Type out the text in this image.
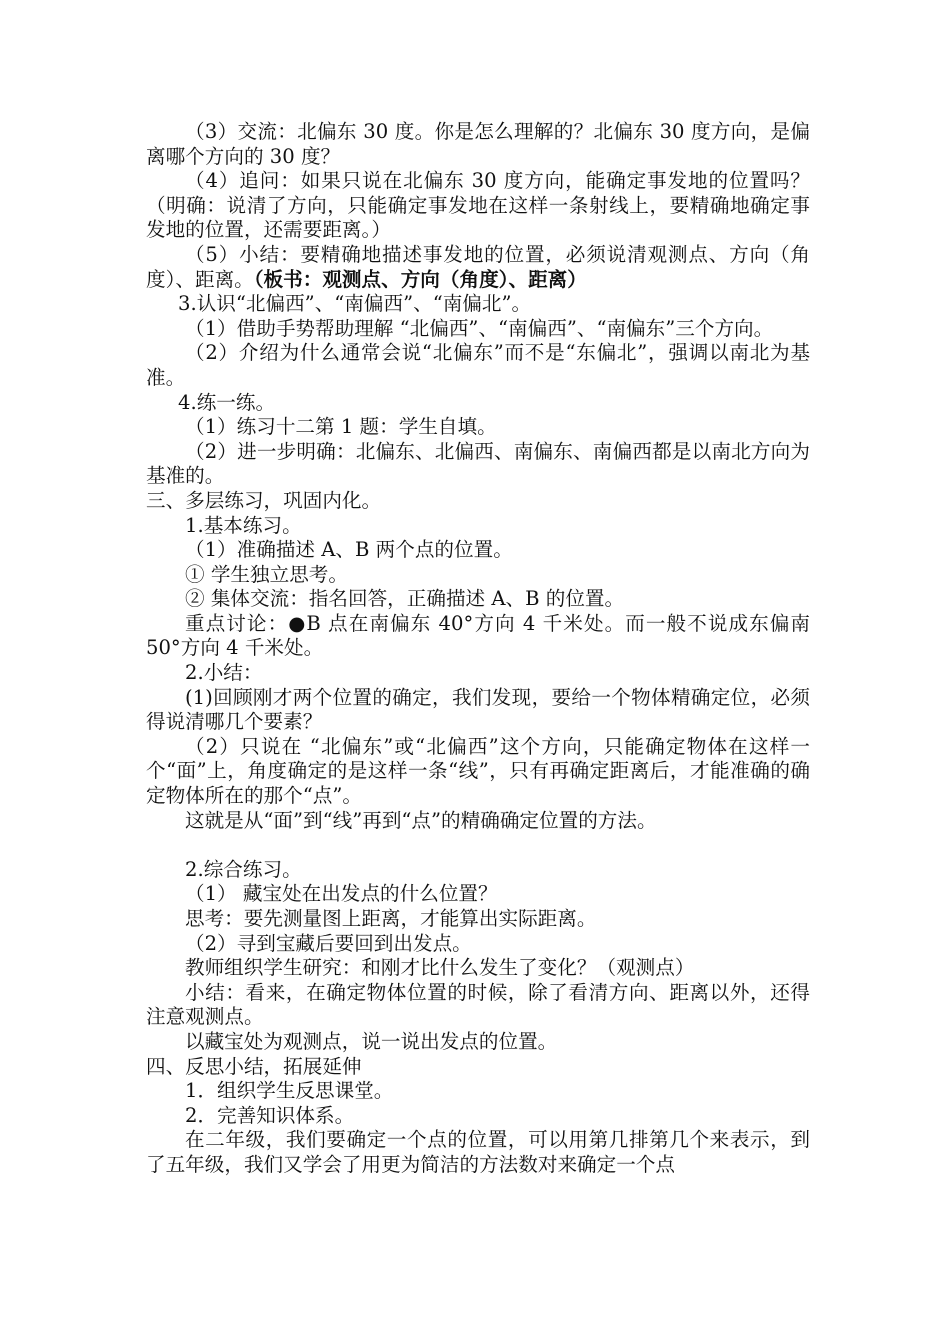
（3）交流：北偏东 30 度。你是怎么理解的？北偏东 30 度方向，是偏离哪个方向的 30 度？

（4）追问：如果只说在北偏东 30 度方向，能确定事发地的位置吗？（明确：说清了方向，只能确定事发地在这样一条射线上，要精确地确定事发地的位置，还需要距离。）

（5）小结：要精确地描述事发地的位置，必须说清观测点、方向（角度）、距离。（板书：观测点、方向（角度）、距离）

3.认识“北偏西”、“南偏西”、“南偏北”。

（1）借助手势帮助理解 “北偏西”、“南偏西”、“南偏东”三个方向。

（2）介绍为什么通常会说“北偏东”而不是“东偏北”，强调以南北为基准。

4.练一练。

（1）练习十二第 1 题：学生自填。

（2）进一步明确：北偏东、北偏西、南偏东、南偏西都是以南北方向为基准的。

三、多层练习，巩固内化。

1.基本练习。

（1）准确描述 A、B 两个点的位置。

① 学生独立思考。

② 集体交流：指名回答，正确描述 A、B 的位置。

重点讨论：●B 点在南偏东 40°方向 4 千米处。而一般不说成东偏南 50°方向 4 千米处。

2.小结：

(1)回顾刚才两个位置的确定，我们发现，要给一个物体精确定位，必须得说清哪几个要素？

（2）只说在 “北偏东”或“北偏西”这个方向，只能确定物体在这样一个“面”上，角度确定的是这样一条“线”，只有再确定距离后，才能准确的确定物体所在的那个“点”。

这就是从“面”到“线”再到“点”的精确确定位置的方法。

2.综合练习。

（1） 藏宝处在出发点的什么位置？

思考：要先测量图上距离，才能算出实际距离。

（2）寻到宝藏后要回到出发点。

教师组织学生研究：和刚才比什么发生了变化？（观测点）

小结：看来，在确定物体位置的时候，除了看清方向、距离以外，还得注意观测点。

以藏宝处为观测点，说一说出发点的位置。

四、反思小结，拓展延伸

1．组织学生反思课堂。

2．完善知识体系。

在二年级，我们要确定一个点的位置，可以用第几排第几个来表示，到了五年级，我们又学会了用更为简洁的方法数对来确定一个点
